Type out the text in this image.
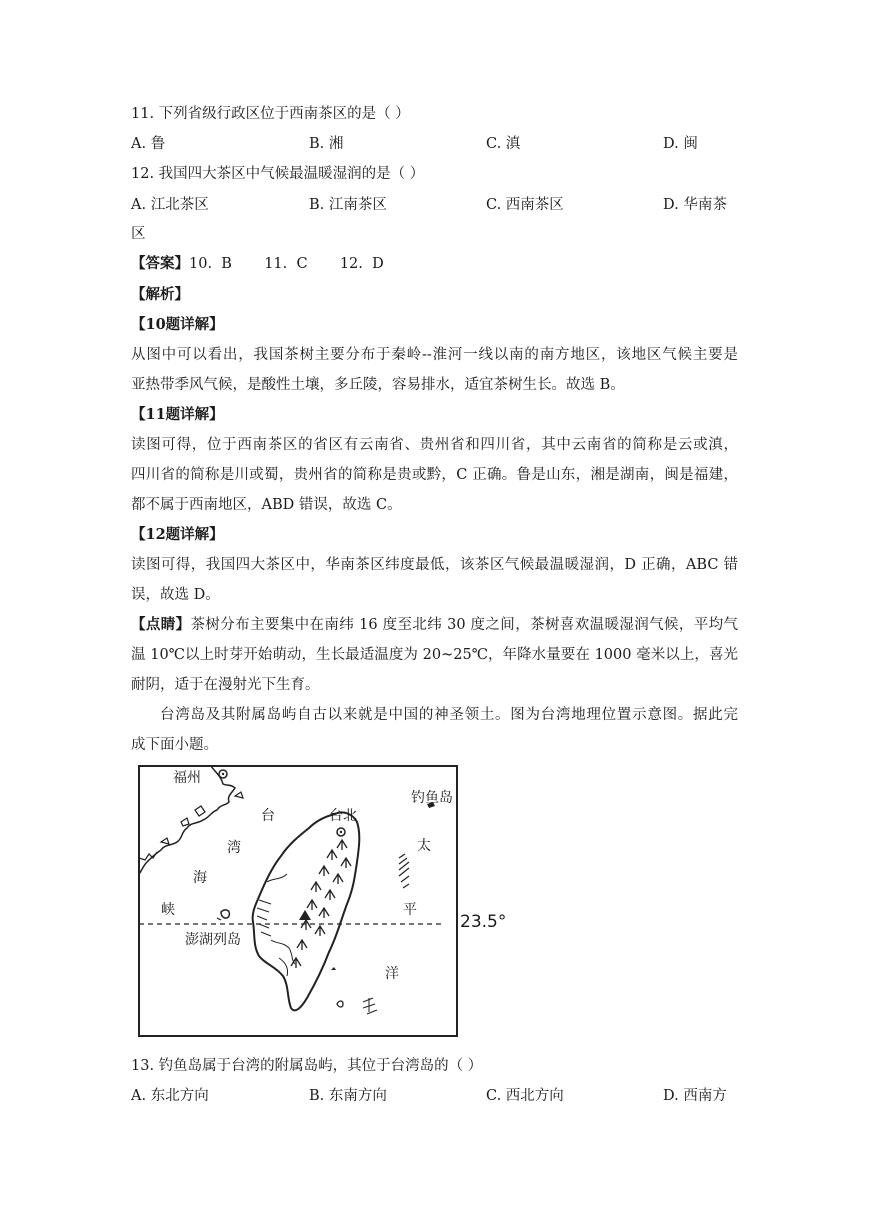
11. 下列省级行政区位于西南茶区的是（ ）
A. 鲁	B. 湘	C. 滇	D. 闽
12. 我国四大茶区中气候最温暖湿润的是（ ）
A. 江北茶区	B. 江南茶区	C. 西南茶区	D. 华南茶
区
【答案】10.  B       11.  C       12.  D
【解析】
【10题详解】
从图中可以看出，我国茶树主要分布于秦岭--淮河一线以南的南方地区，该地区气候主要是
亚热带季风气候，是酸性土壤，多丘陵，容易排水，适宜茶树生长。故选 B。
【11题详解】
读图可得，位于西南茶区的省区有云南省、贵州省和四川省，其中云南省的简称是云或滇，
四川省的简称是川或蜀，贵州省的简称是贵或黔，C 正确。鲁是山东，湘是湖南，闽是福建，
都不属于西南地区，ABD 错误，故选 C。
【12题详解】
读图可得，我国四大茶区中，华南茶区纬度最低，该茶区气候最温暖湿润，D 正确，ABC 错
误，故选 D。
【点睛】茶树分布主要集中在南纬 16 度至北纬 30 度之间，茶树喜欢温暖湿润气候，平均气
温 10℃以上时芽开始萌动，生长最适温度为 20~25℃，年降水量要在 1000 毫米以上，喜光
耐阴，适于在漫射光下生育。
台湾岛及其附属岛屿自古以来就是中国的神圣领土。图为台湾地理位置示意图。据此完
成下面小题。
福州
台北
钓鱼岛
台
湾
海
峡
澎湖列岛
太
平
洋
23.5°
13. 钓鱼岛属于台湾的附属岛屿，其位于台湾岛的（ ）
A. 东北方向	B. 东南方向	C. 西北方向	D. 西南方
